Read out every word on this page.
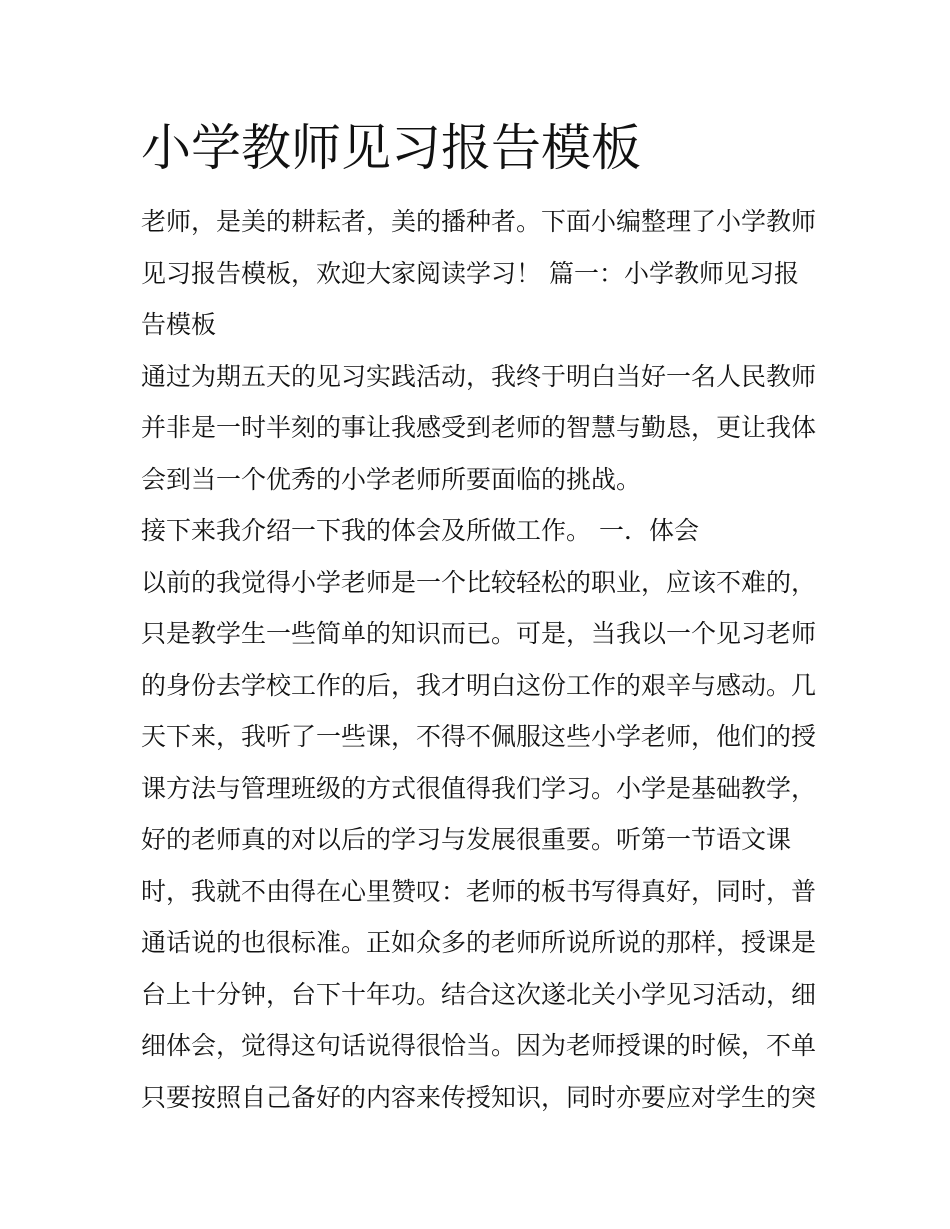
小学教师见习报告模板
老师，是美的耕耘者，美的播种者。下面小编整理了小学教师
见习报告模板，欢迎大家阅读学习！ 篇一：小学教师见习报
告模板
通过为期五天的见习实践活动，我终于明白当好一名人民教师
并非是一时半刻的事让我感受到老师的智慧与勤恳，更让我体
会到当一个优秀的小学老师所要面临的挑战。
接下来我介绍一下我的体会及所做工作。 一．体会
以前的我觉得小学老师是一个比较轻松的职业，应该不难的，
只是教学生一些简单的知识而已。可是，当我以一个见习老师
的身份去学校工作的后，我才明白这份工作的艰辛与感动。几
天下来，我听了一些课，不得不佩服这些小学老师，他们的授
课方法与管理班级的方式很值得我们学习。小学是基础教学，
好的老师真的对以后的学习与发展很重要。听第一节语文课
时，我就不由得在心里赞叹：老师的板书写得真好，同时，普
通话说的也很标准。正如众多的老师所说所说的那样，授课是
台上十分钟，台下十年功。结合这次遂北关小学见习活动，细
细体会，觉得这句话说得很恰当。因为老师授课的时候，不单
只要按照自己备好的内容来传授知识，同时亦要应对学生的突
